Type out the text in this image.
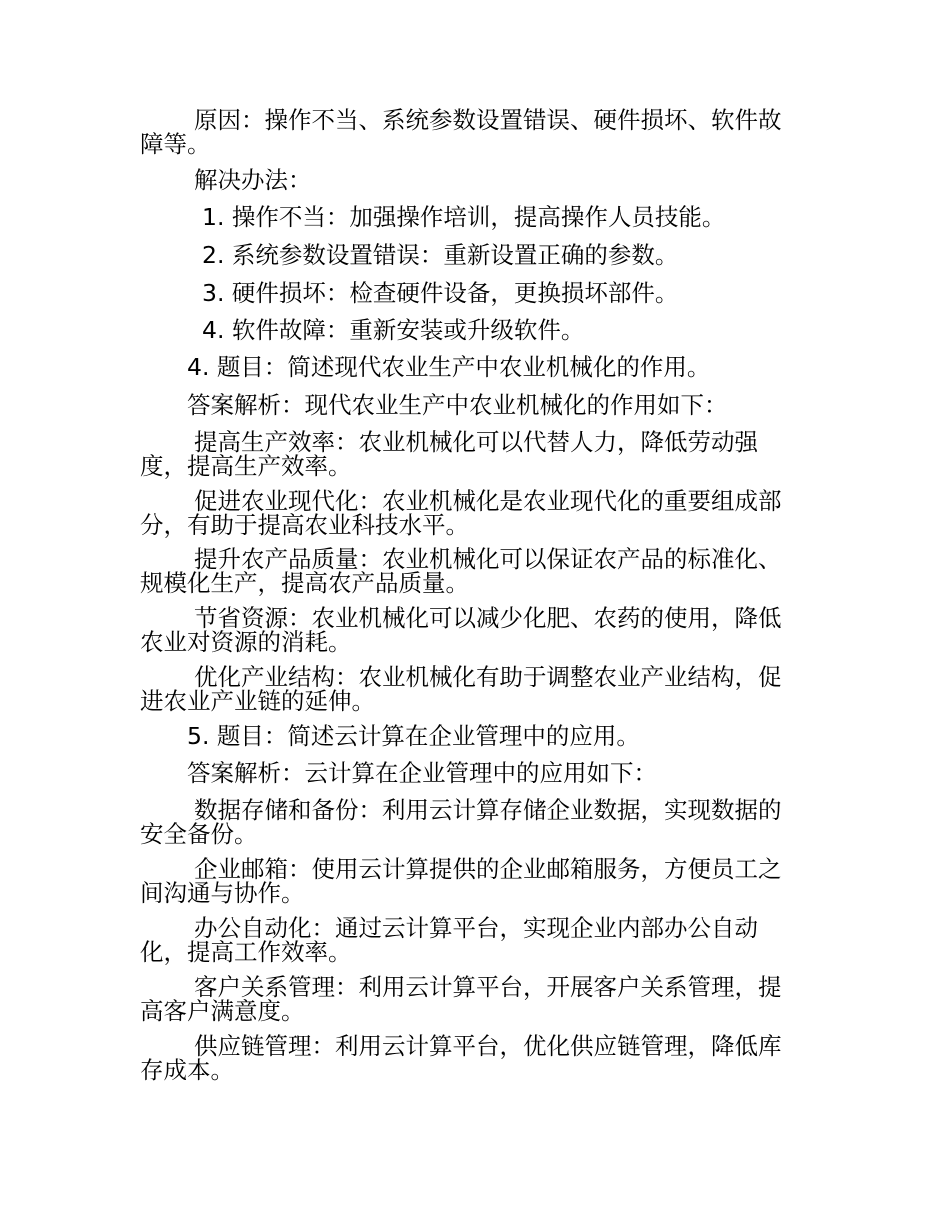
原因：操作不当、系统参数设置错误、硬件损坏、软件故障等。
解决办法：
1. 操作不当：加强操作培训，提高操作人员技能。
2. 系统参数设置错误：重新设置正确的参数。
3. 硬件损坏：检查硬件设备，更换损坏部件。
4. 软件故障：重新安装或升级软件。
4. 题目：简述现代农业生产中农业机械化的作用。
答案解析：现代农业生产中农业机械化的作用如下：
提高生产效率：农业机械化可以代替人力，降低劳动强度，提高生产效率。
促进农业现代化：农业机械化是农业现代化的重要组成部分，有助于提高农业科技水平。
提升农产品质量：农业机械化可以保证农产品的标准化、规模化生产，提高农产品质量。
节省资源：农业机械化可以减少化肥、农药的使用，降低农业对资源的消耗。
优化产业结构：农业机械化有助于调整农业产业结构，促进农业产业链的延伸。
5. 题目：简述云计算在企业管理中的应用。
答案解析：云计算在企业管理中的应用如下：
数据存储和备份：利用云计算存储企业数据，实现数据的安全备份。
企业邮箱：使用云计算提供的企业邮箱服务，方便员工之间沟通与协作。
办公自动化：通过云计算平台，实现企业内部办公自动化，提高工作效率。
客户关系管理：利用云计算平台，开展客户关系管理，提高客户满意度。
供应链管理：利用云计算平台，优化供应链管理，降低库存成本。
